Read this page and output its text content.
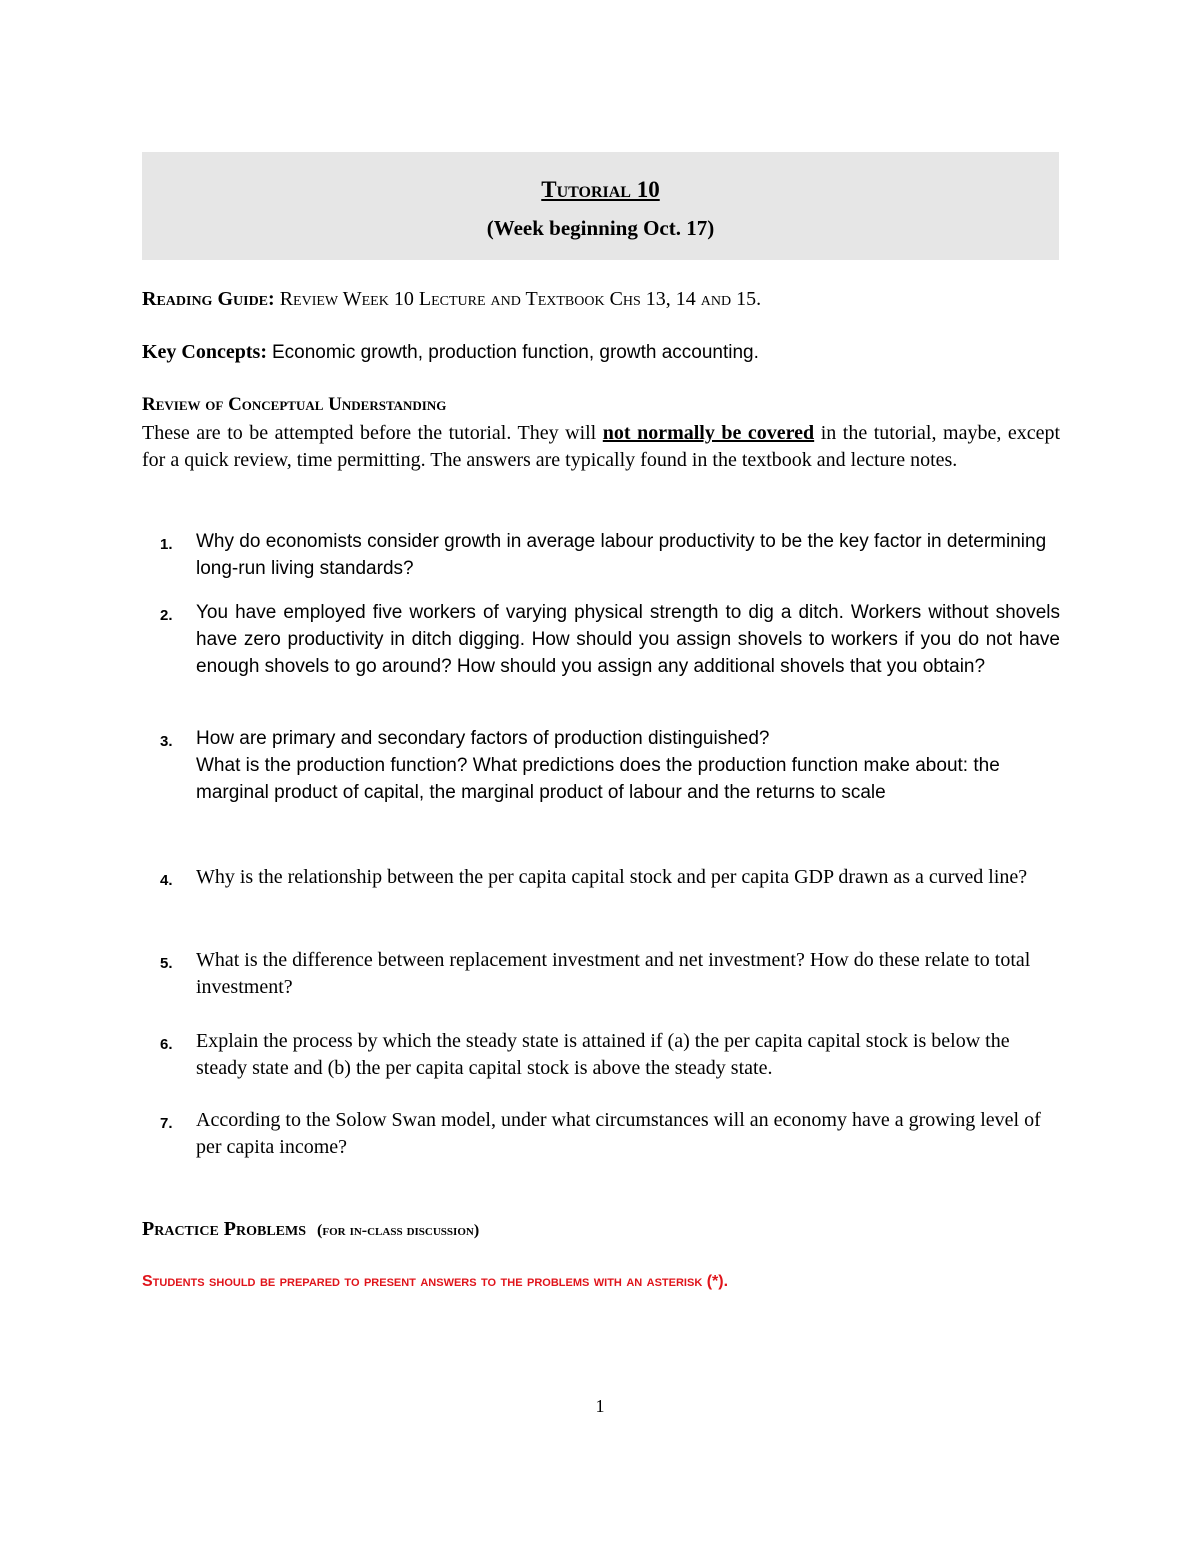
Tutorial 10
(Week beginning Oct. 17)
Reading Guide: Review Week 10 Lecture and Textbook Chs 13, 14 and 15.
Key Concepts: Economic growth, production function, growth accounting.
Review of Conceptual Understanding
These are to be attempted before the tutorial. They will not normally be covered in the tutorial, maybe, except for a quick review, time permitting. The answers are typically found in the textbook and lecture notes.
1.	Why do economists consider growth in average labour productivity to be the key factor in determining long-run living standards?
2.	You have employed five workers of varying physical strength to dig a ditch. Workers without shovels have zero productivity in ditch digging. How should you assign shovels to workers if you do not have enough shovels to go around? How should you assign any additional shovels that you obtain?
3.	How are primary and secondary factors of production distinguished?
What is the production function? What predictions does the production function make about: the marginal product of capital, the marginal product of labour and the returns to scale
4.	Why is the relationship between the per capita capital stock and per capita GDP drawn as a curved line?
5.	What is the difference between replacement investment and net investment? How do these relate to total investment?
6.	Explain the process by which the steady state is attained if (a) the per capita capital stock is below the steady state and (b) the per capita capital stock is above the steady state.
7.	According to the Solow Swan model, under what circumstances will an economy have a growing level of per capita income?
Practice Problems (for in-class discussion)
Students should be prepared to present answers to the problems with an asterisk (*).
1
